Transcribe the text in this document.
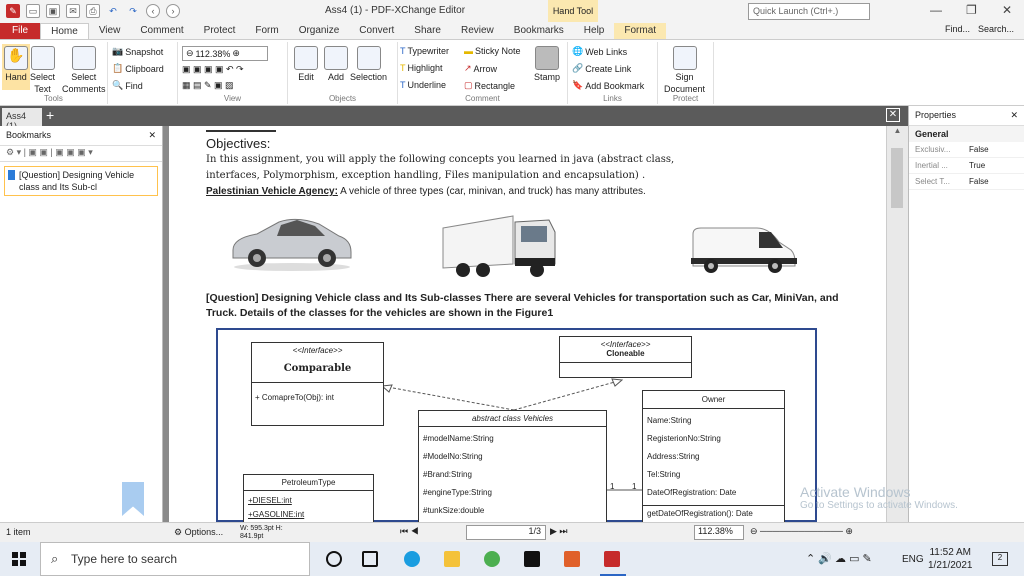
✎	▭	▣	✉	⎙	↶	↷	‹	›	Ass4 (1) - PDF-XChange Editor	Hand Tool	Quick Launch (Ctrl+.)	— ❐ ✕
File	Home	View	Comment	Protect	Form	Organize	Convert	Share	Review	Bookmarks	Help	Format	Find... Search...
✋
Hand Select
Text
Select
Comments
Tools
📷 Snapshot
📋 Clipboard
🔍 Find
⊖ 112.38% ⊕
▣ ▣ ▣ ▣ ↶ ↷
▦ ▤ ✎ ▣ ▨
View
Edit Add Selection
Objects
T Typewriter ▬ Sticky Note
T Highlight ↗ Arrow
T Underline ▢ Rectangle
Stamp
Comment
🌐 Web Links
🔗 Create Link
🔖 Add Bookmark
Links
Sign
Document
Protect
Ass4	+	✕
Bookmarks	✕
⚙ ▾ | ▣ ▣ | ▣ ▣ ▣ ▾
[Question] Designing Vehicle class and Its Sub-cl
Objectives:
In this assignment, you will apply the following concepts you learned in java (abstract class,
interfaces, Polymorphism, exception handling, Files manipulation and encapsulation) .
Palestinian Vehicle Agency: A vehicle of three types (car, minivan, and truck) has many attributes.
[Question] Designing Vehicle class and Its Sub-classes There are several Vehicles for transportation such as Car, MiniVan, and Truck. Details of the classes for the vehicles are shown in the Figure1
<<Interface>>
Comparable
+ ComapreTo(Obj): int
<<Interface>>
Cloneable
abstract class Vehicles
#modelName:String
#ModelNo:String
#Brand:String
#engineType:String
#tunkSize:double
Owner
Name:String
RegisterionNo:String
Address:String
Tel:String
DateOfRegistration: Date
getDateOfRegistration(): Date
1 1
PetroleumType
+DIESEL:int
+GASOLINE:int
▲
Properties	✕
General
Exclusiv...	False
Inertial ...	True
Select T...	False
Activate Windows
Go to Settings to activate Windows.
1 item	⚙ Options... W: 595.3pt H: 841.9pt
⏮ ◀	1/3	▶ ⏭	112.38%	⊖ ───────────── ⊕
⌕ Type here to search	⌃ 🔊 ☁ ▭ ✎	ENG
11:52 AM
1/21/2021
2
